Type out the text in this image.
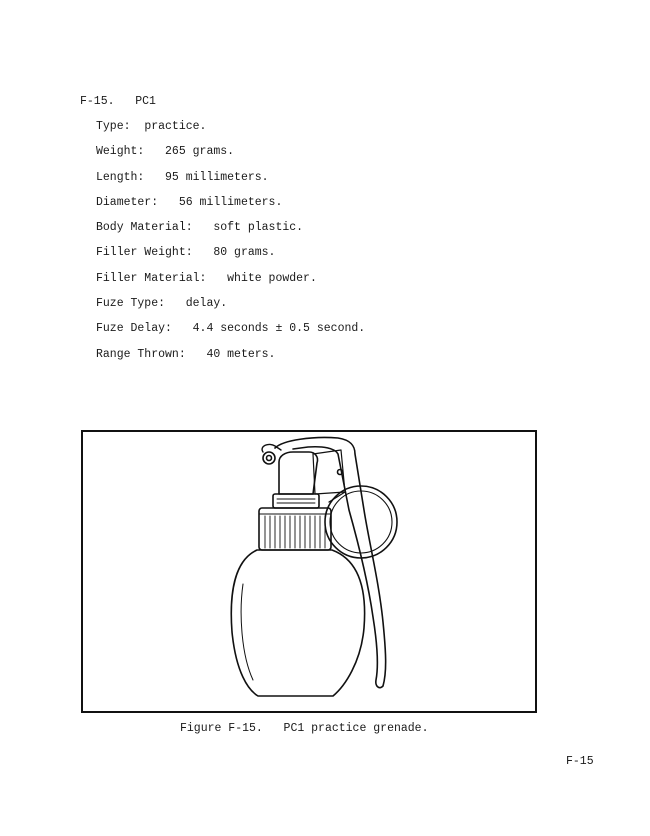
F-15. PC1
Type: practice.
Weight: 265 grams.
Length: 95 millimeters.
Diameter: 56 millimeters.
Body Material: soft plastic.
Filler Weight: 80 grams.
Filler Material: white powder.
Fuze Type: delay.
Fuze Delay: 4.4 seconds ± 0.5 second.
Range Thrown: 40 meters.
Figure F-15. PC1 practice grenade.
F-15
